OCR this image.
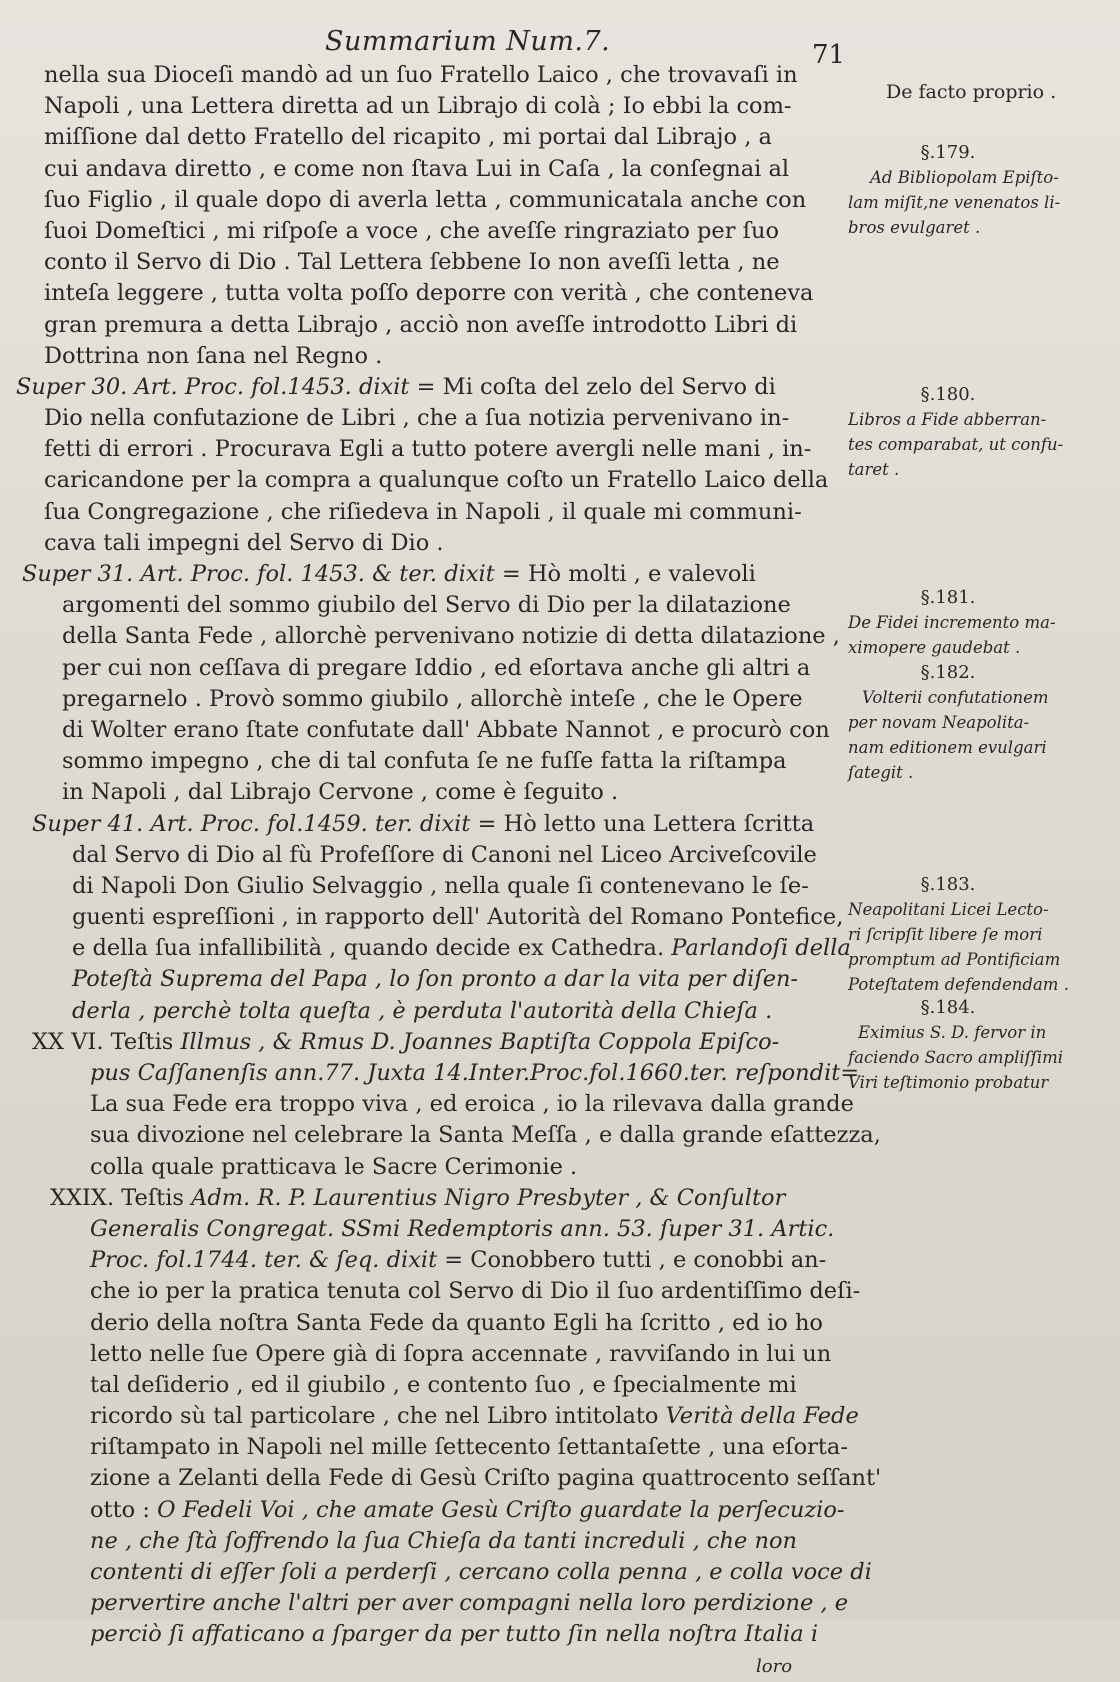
Summarium Num.7.	71
nella sua Dioceſi mandò ad un ſuo Fratello Laico , che trovavaſi in
Napoli , una Lettera diretta ad un Librajo di colà ; Io ebbi la com-
miſſione dal detto Fratello del ricapito , mi portai dal Librajo , a
cui andava diretto , e come non ſtava Lui in Caſa , la conſegnai al
ſuo Figlio , il quale dopo di averla letta , communicatala anche con
ſuoi Domeſtici , mi riſpoſe a voce , che aveſſe ringraziato per ſuo
conto il Servo di Dio . Tal Lettera ſebbene Io non aveſſi letta , ne
inteſa leggere , tutta volta poſſo deporre con verità , che conteneva
gran premura a detta Librajo , acciò non aveſſe introdotto Libri di
Dottrina non ſana nel Regno .
Super 30. Art. Proc. fol.1453. dixit = Mi coſta del zelo del Servo di
Dio nella confutazione de Libri , che a ſua notizia pervenivano in-
fetti di errori . Procurava Egli a tutto potere avergli nelle mani , in-
caricandone per la compra a qualunque coſto un Fratello Laico della
ſua Congregazione , che riſiedeva in Napoli , il quale mi communi-
cava tali impegni del Servo di Dio .
Super 31. Art. Proc. fol. 1453. & ter. dixit = Hò molti , e valevoli
argomenti del sommo giubilo del Servo di Dio per la dilatazione
della Santa Fede , allorchè pervenivano notizie di detta dilatazione ,
per cui non ceſſava di pregare Iddio , ed eſortava anche gli altri a
pregarnelo . Provò sommo giubilo , allorchè inteſe , che le Opere
di Wolter erano ſtate confutate dall' Abbate Nannot , e procurò con
sommo impegno , che di tal confuta ſe ne fuſſe fatta la riſtampa
in Napoli , dal Librajo Cervone , come è ſeguito .
Super 41. Art. Proc. fol.1459. ter. dixit = Hò letto una Lettera ſcritta
dal Servo di Dio al fù Profeſſore di Canoni nel Liceo Arciveſcovile
di Napoli Don Giulio Selvaggio , nella quale ſi contenevano le ſe-
guenti espreſſioni , in rapporto dell' Autorità del Romano Pontefice,
e della ſua infallibilità , quando decide ex Cathedra. Parlandoſi della
Poteſtà Suprema del Papa , lo ſon pronto a dar la vita per diſen-
derla , perchè tolta queſta , è perduta l'autorità della Chieſa .
XX VI. Teſtis Illmus , & Rmus D. Joannes Baptiſta Coppola Epiſco-
pus Caſſanenſis ann.77. Juxta 14.Inter.Proc.fol.1660.ter. reſpondit=
La sua Fede era troppo viva , ed eroica , io la rilevava dalla grande
sua divozione nel celebrare la Santa Meſſa , e dalla grande eſattezza,
colla quale pratticava le Sacre Cerimonie .
XXIX. Teſtis Adm. R. P. Laurentius Nigro Presbyter , & Conſultor
Generalis Congregat. SSmi Redemptoris ann. 53. ſuper 31. Artic.
Proc. fol.1744. ter. & ſeq. dixit = Conobbero tutti , e conobbi an-
che io per la pratica tenuta col Servo di Dio il ſuo ardentiſſimo deſi-
derio della noſtra Santa Fede da quanto Egli ha ſcritto , ed io ho
letto nelle ſue Opere già di ſopra accennate , ravviſando in lui un
tal deſiderio , ed il giubilo , e contento ſuo , e ſpecialmente mi
ricordo sù tal particolare , che nel Libro intitolato Verità della Fede
riſtampato in Napoli nel mille ſettecento ſettantaſette , una eſorta-
zione a Zelanti della Fede di Gesù Criſto pagina quattrocento seſſant'
otto : O Fedeli Voi , che amate Gesù Criſto guardate la perſecuzio-
ne , che ſtà ſoffrendo la ſua Chieſa da tanti increduli , che non
contenti di eſſer ſoli a perderſi , cercano colla penna , e colla voce di
pervertire anche l'altri per aver compagni nella loro perdizione , e
perciò ſi affaticano a ſparger da per tutto ſin nella noſtra Italia i
loro
De facto proprio .
§.179.
Ad Bibliopolam Epiſto-
lam miſit,ne venenatos li-
bros evulgaret .
§.180.
Libros a Fide abberran-
tes comparabat, ut confu-
taret .
§.181.
De Fidei incremento ma-
ximopere gaudebat .
§.182.
Volterii confutationem
per novam Neapolita-
nam editionem evulgari
ſategit .
§.183.
Neapolitani Licei Lecto-
ri ſcripſit libere ſe mori
promptum ad Pontificiam
Poteſtatem defendendam .
§.184.
Eximius S. D. fervor in
faciendo Sacro ampliſſimi
Viri teſtimonio probatur
